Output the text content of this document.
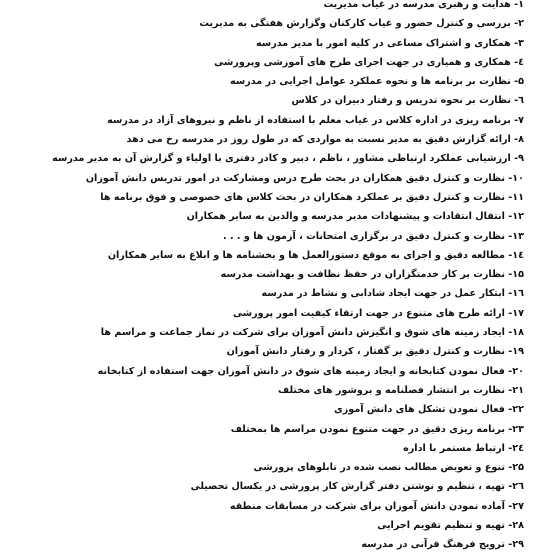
۱- هدایت و رهبری مدرسه در غیاب مدیریت
۲- بررسی و کنترل حضور و غیاب کارکنان وگزارش هفتگی به مدیریت
۳- همکاری و اشتراک مساعی در کلیه امور با مدیر مدرسه
٤- همکاری و همیاری در جهت اجرای طرح های آموزشی وپرورشی
۵- نظارت بر برنامه ها و نحوه عملکرد عوامل اجرایی در مدرسه
٦- نظارت بر نحوه تدریس و رفتار دبیران در کلاس
۷- برنامه ریزی در اداره کلاس در غیاب معلم با استفاده از ناظم و نیروهای آزاد در مدرسه
۸- ارائه گزارش دقیق به مدیر نسبت به مواردی که در طول روز در مدرسه رخ می دهد
۹- ارزشیابی عملکرد ارتباطی مشاور ، ناظم ، دبیر و کادر دفتری با اولیاء و گزارش آن به مدیر مدرسه
۱۰- نظارت و کنترل دقیق همکاران در بحث طرح درس ومشارکت در امور تدریس دانش آموزان
۱۱- نظارت و کنترل دقیق بر عملکرد همکاران در بحث کلاس های خصوصی و فوق برنامه ها
۱۲- انتقال انتقادات و پیشنهادات مدیر مدرسه و والدین به سایر همکاران
۱۳- نظارت و کنترل دقیق در برگزاری امتحانات ، آزمون ها و . . .
۱٤- مطالعه دقیق و اجرای به موقع دستورالعمل ها و بخشنامه ها و ابلاغ به سایر همکاران
۱۵- نظارت بر کار خدمتگزاران در حفظ نظافت و بهداشت مدرسه
۱٦- ابتکار عمل در جهت ایجاد شادابی و نشاط در مدرسه
۱۷- ارائه طرح های متنوع در جهت ارتقاء کیفیت امور پرورشی
۱۸- ایجاد زمینه های شوق و انگیزش دانش آموزان برای شرکت در نماز جماعت و مراسم ها
۱۹- نظارت و کنترل دقیق بر گفتار ، کردار و رفتار دانش آموزان
۲۰- فعال نمودن کتابخانه و ایجاد زمینه های شوق در دانش آموزان جهت استفاده از کتابخانه
۲۱- نظارت بر انتشار فصلنامه و بروشور های مختلف
۲۲- فعال نمودن تشکل های دانش آموزی
۲۳- برنامه ریزی دقیق در جهت متنوع نمودن مراسم ها بمختلف
۲٤- ارتباط مستمر با اداره
۲۵- تنوع و تعویض مطالب نصب شده در تابلوهای پرورشی
۲٦- تهیه ، تنظیم و نوشتن دفتر گزارش کار پرورشی در یکسال تحصیلی
۲۷- آماده نمودن دانش آموزان برای شرکت در مسابقات منطقه
۲۸- تهیه و تنظیم تقویم اجرایی
۲۹- ترویج فرهنگ قرآنی در مدرسه
